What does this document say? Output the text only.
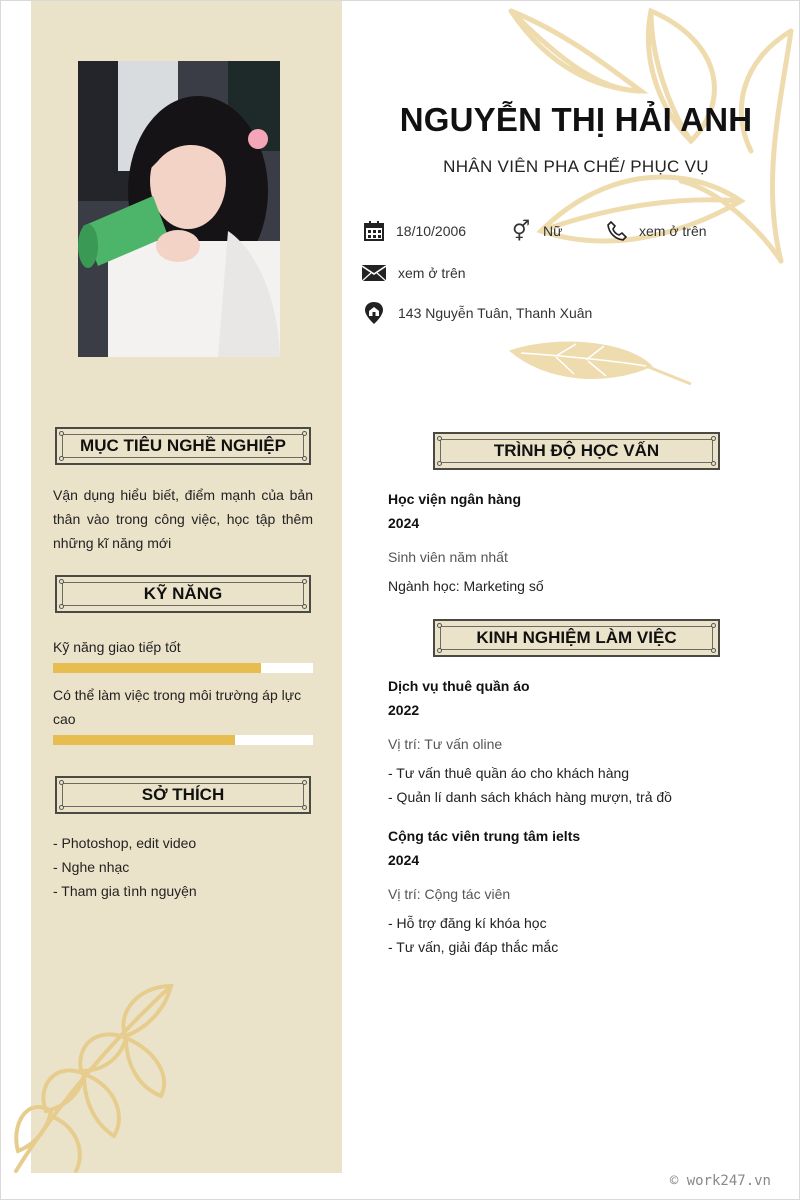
NGUYỄN THỊ HẢI ANH
NHÂN VIÊN PHA CHẾ/ PHỤC VỤ
18/10/2006 ⚥ Nữ	xem ở trên
xem ở trên
143 Nguyễn Tuân, Thanh Xuân
MỤC TIÊU NGHỀ NGHIỆP
Vận dụng hiểu biết, điểm mạnh của bản thân vào trong công việc, học tập thêm những kĩ năng mới
KỸ NĂNG
Kỹ năng giao tiếp tốt
Có thể làm việc trong môi trường áp lực cao
SỞ THÍCH
- Photoshop, edit video
- Nghe nhạc
- Tham gia tình nguyện
TRÌNH ĐỘ HỌC VẤN
Học viện ngân hàng
2024
Sinh viên năm nhất
Ngành học: Marketing số
KINH NGHIỆM LÀM VIỆC
Dịch vụ thuê quần áo
2022
Vị trí: Tư vấn oline
- Tư vấn thuê quần áo cho khách hàng
- Quản lí danh sách khách hàng mượn, trả đồ
Cộng tác viên trung tâm ielts
2024
Vị trí: Cộng tác viên
- Hỗ trợ đăng kí khóa học
- Tư vấn, giải đáp thắc mắc
© work247.vn
